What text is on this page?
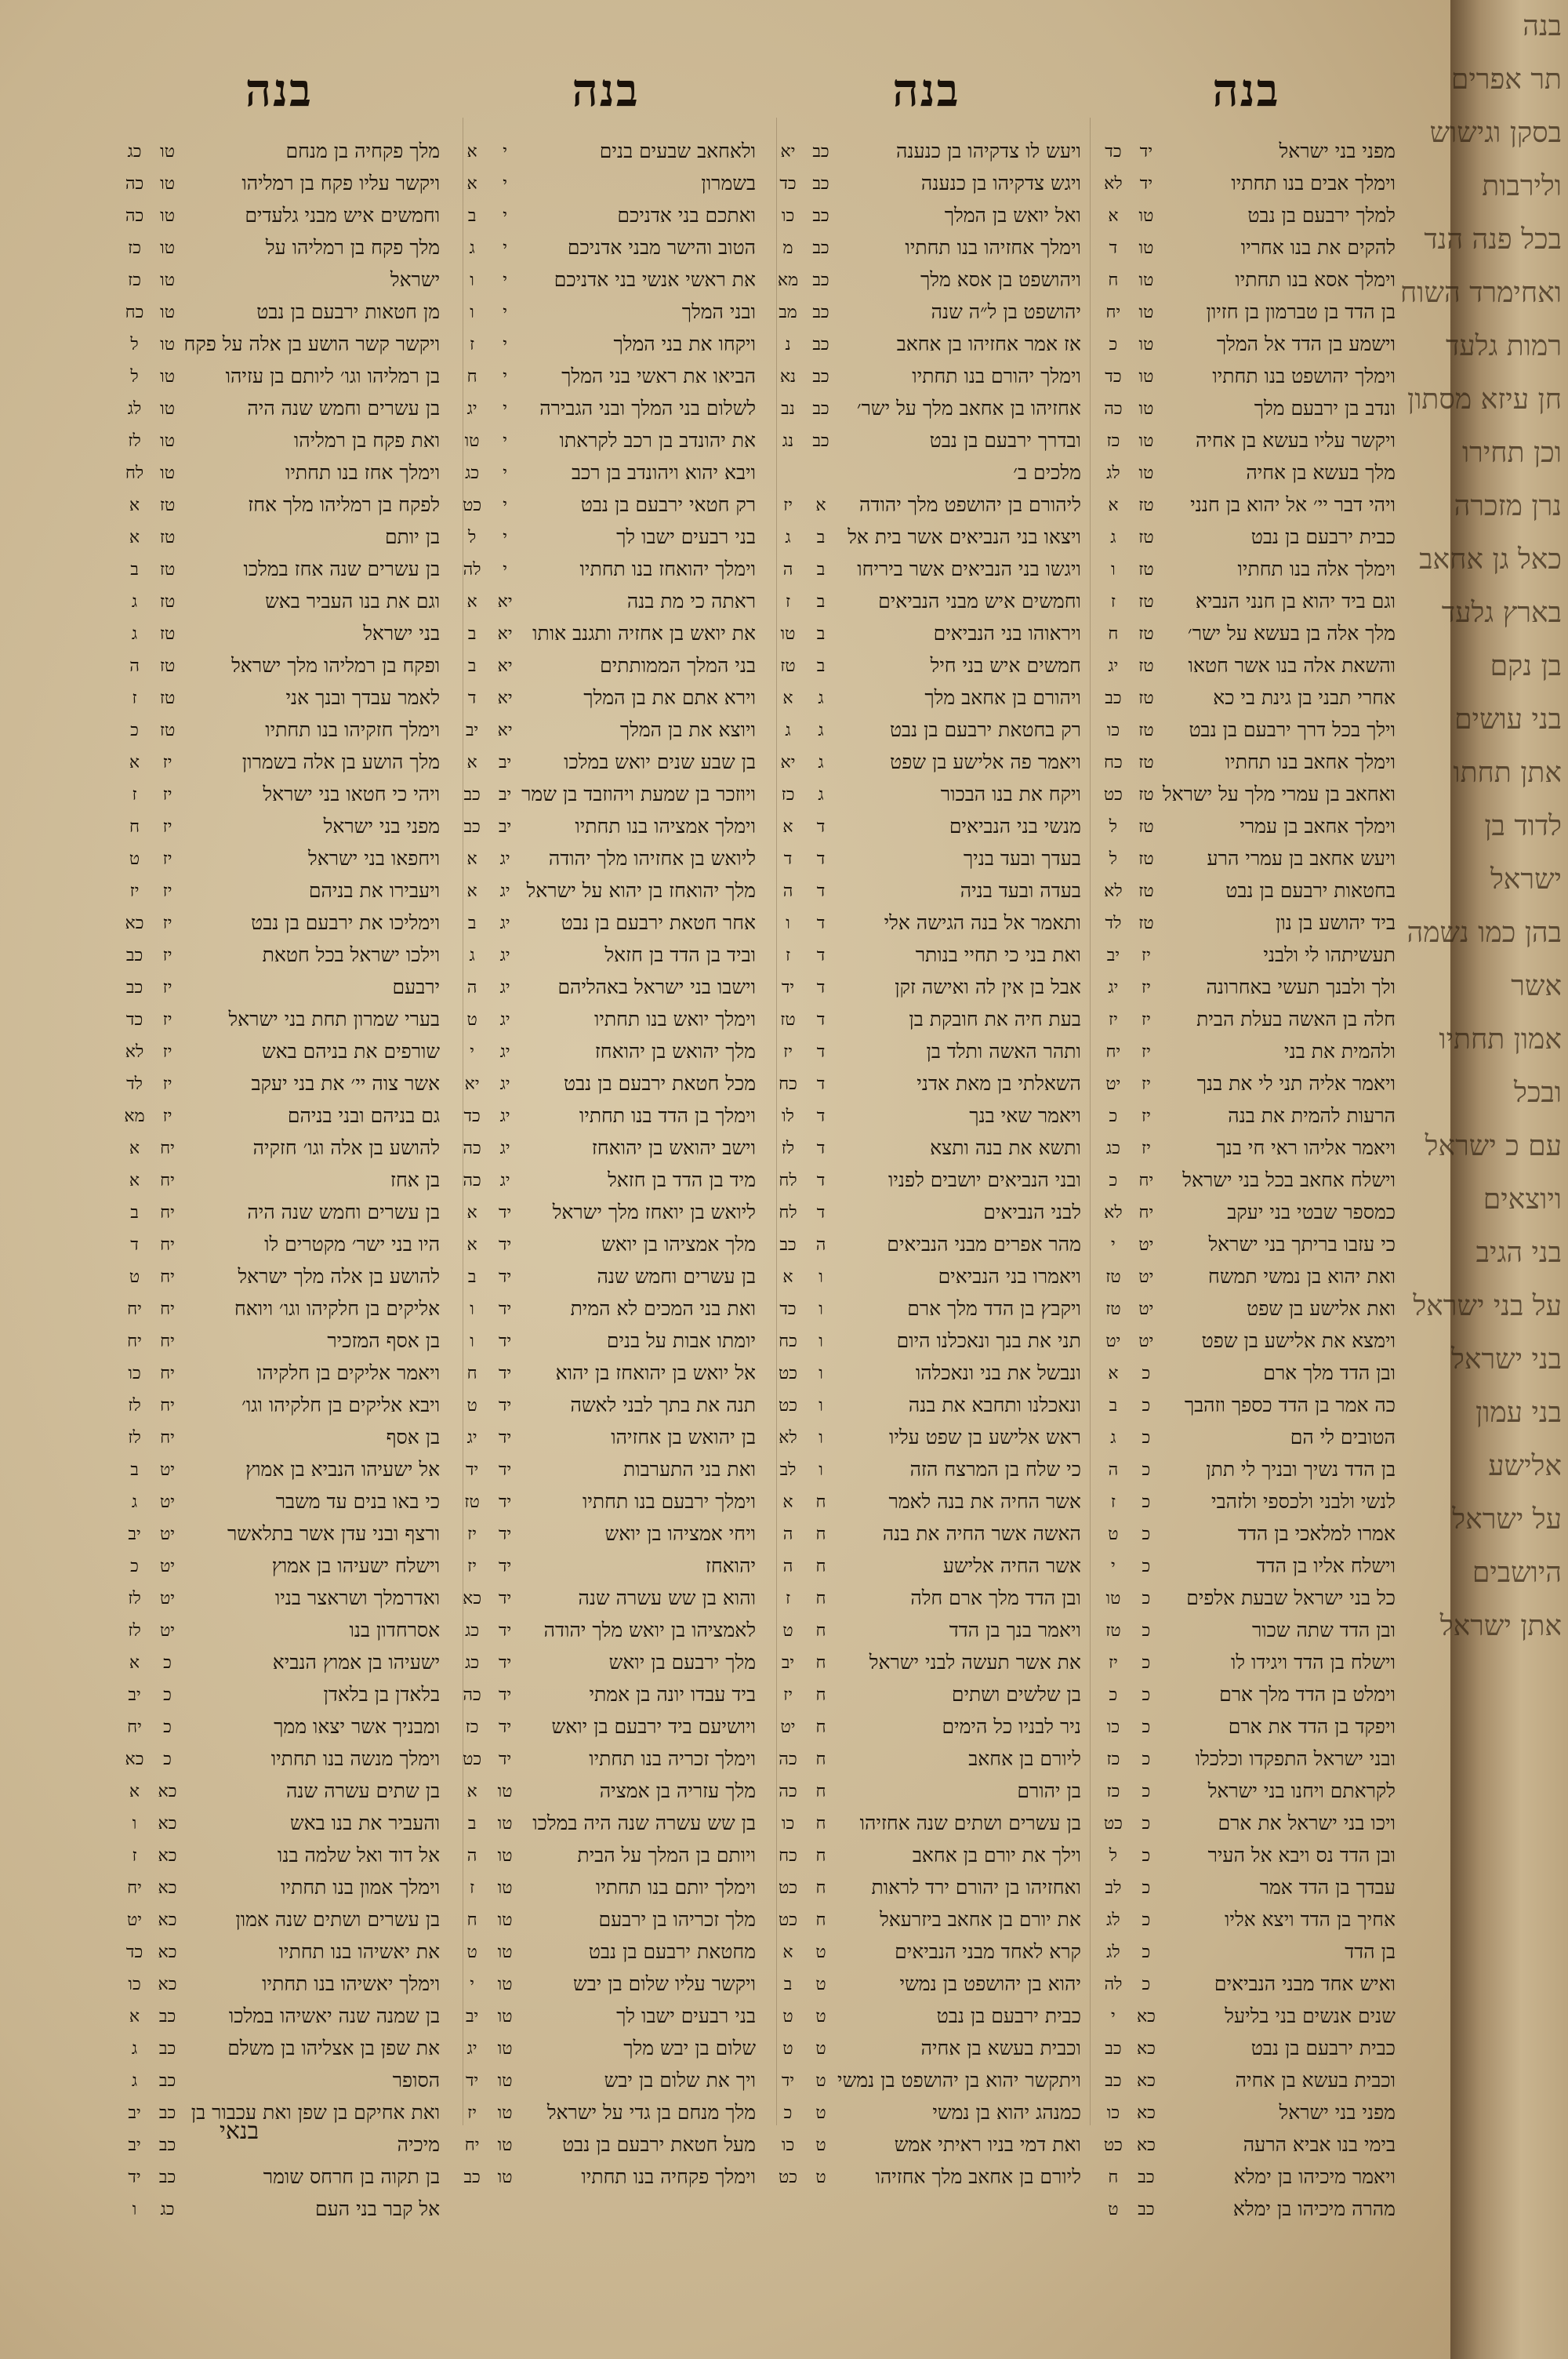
בנה
מפני בני ישראל
יד
כד
וימלך אבים בנו תחתיו
יד
לא
למלך ירבעם בן נבט
טו
א
להקים את בנו אחריו
טו
ד
וימלך אסא בנו תחתיו
טו
ח
בן הדד בן טברמון בן חזיון
טו
יח
וישמע בן הדד אל המלך
טו
כ
וימלך יהושפט בנו תחתיו
טו
כד
ונדב בן ירבעם מלך
טו
כה
ויקשר עליו בעשא בן אחיה
טו
כז
מלך בעשא בן אחיה
טו
לג
ויהי דבר יי׳ אל יהוא בן חנני
טז
א
כבית ירבעם בן נבט
טז
ג
וימלך אלה בנו תחתיו
טז
ו
וגם ביד יהוא בן חנני הנביא
טז
ז
מלך אלה בן בעשא על ישר׳
טז
ח
והשאת אלה בנו אשר חטאו
טז
יג
אחרי תבני בן גינת בי כא
טז
כב
וילך בכל דרך ירבעם בן נבט
טז
כו
וימלך אחאב בנו תחתיו
טז
כח
ואחאב בן עמרי מלך על ישראל
טז
כט
וימלך אחאב בן עמרי
טז
ל
ויעש אחאב בן עמרי הרע
טז
ל
בחטאות ירבעם בן נבט
טז
לא
ביד יהושע בן נון
טז
לד
תעשיתהו לי ולבני
יז
יב
ולך ולבנך תעשי באחרונה
יז
יג
חלה בן האשה בעלת הבית
יז
יז
ולהמית את בני
יז
יח
ויאמר אליה תני לי את בנך
יז
יט
הרעות להמית את בנה
יז
כ
ויאמר אליהו ראי חי בנך
יז
כג
וישלח אחאב בכל בני ישראל
יח
כ
כמספר שבטי בני יעקב
יח
לא
כי עזבו בריתך בני ישראל
יט
י
ואת יהוא בן נמשי תמשח
יט
טז
ואת אלישע בן שפט
יט
טז
וימצא את אלישע בן שפט
יט
יט
ובן הדד מלך ארם
כ
א
כה אמר בן הדד כספך וזהבך
כ
ב
הטובים לי הם
כ
ג
בן הדד נשיך ובניך לי תתן
כ
ה
לנשי ולבני ולכספי ולזהבי
כ
ז
אמרו למלאכי בן הדד
כ
ט
וישלח אליו בן הדד
כ
י
כל בני ישראל שבעת אלפים
כ
טו
ובן הדד שתה שכור
כ
טז
וישלח בן הדד ויגידו לו
כ
יז
וימלט בן הדד מלך ארם
כ
כ
ויפקד בן הדד את ארם
כ
כו
ובני ישראל התפקדו וכלכלו
כ
כז
לקראתם ויחנו בני ישראל
כ
כז
ויכו בני ישראל את ארם
כ
כט
ובן הדד נס ויבא אל העיר
כ
ל
עבדך בן הדד אמר
כ
לב
אחיך בן הדד ויצא אליו
כ
לג
בן הדד
כ
לג
ואיש אחד מבני הנביאים
כ
לה
שנים אנשים בני בליעל
כא
י
כבית ירבעם בן נבט
כא
כב
וכבית בעשא בן אחיה
כא
כב
מפני בני ישראל
כא
כו
בימי בנו אביא הרעה
כא
כט
ויאמר מיכיהו בן ימלא
כב
ח
מהרה מיכיהו בן ימלא
כב
ט
בנה
ויעש לו צדקיהו בן כנענה
כב
יא
ויגש צדקיהו בן כנענה
כב
כד
ואל יואש בן המלך
כב
כו
וימלך אחזיהו בנו תחתיו
כב
מ
ויהושפט בן אסא מלך
כב
מא
יהושפט בן ל״ה שנה
כב
מב
אז אמר אחזיהו בן אחאב
כב
נ
וימלך יהורם בנו תחתיו
כב
נא
אחזיהו בן אחאב מלך על ישר׳
כב
נב
ובדרך ירבעם בן נבט
כב
נג
מלכים ב׳
ליהורם בן יהושפט מלך יהודה
א
יז
ויצאו בני הנביאים אשר בית אל
ב
ג
ויגשו בני הנביאים אשר ביריחו
ב
ה
וחמשים איש מבני הנביאים
ב
ז
ויראוהו בני הנביאים
ב
טו
חמשים איש בני חיל
ב
טז
ויהורם בן אחאב מלך
ג
א
רק בחטאת ירבעם בן נבט
ג
ג
ויאמר פה אלישע בן שפט
ג
יא
ויקח את בנו הבכור
ג
כז
מנשי בני הנביאים
ד
א
בעדך ובעד בניך
ד
ד
בעדה ובעד בניה
ד
ה
ותאמר אל בנה הגישה אלי
ד
ו
ואת בני כי תחיי בנותר
ד
ז
אבל בן אין לה ואישה זקן
ד
יד
בעת חיה את חובקת בן
ד
טז
ותהר האשה ותלד בן
ד
יז
השאלתי בן מאת אדני
ד
כח
ויאמר שאי בנך
ד
לו
ותשא את בנה ותצא
ד
לז
ובני הנביאים יושבים לפניו
ד
לח
לבני הנביאים
ד
לח
מהר אפרים מבני הנביאים
ה
כב
ויאמרו בני הנביאים
ו
א
ויקבץ בן הדד מלך ארם
ו
כד
תני את בנך ונאכלנו היום
ו
כח
ונבשל את בני ונאכלהו
ו
כט
ונאכלנו ותחבא את בנה
ו
כט
ראש אלישע בן שפט עליו
ו
לא
כי שלח בן המרצח הזה
ו
לב
אשר החיה את בנה לאמר
ח
א
האשה אשר החיה את בנה
ח
ה
אשר החיה אלישע
ח
ה
ובן הדד מלך ארם חלה
ח
ז
ויאמר בנך בן הדד
ח
ט
את אשר תעשה לבני ישראל
ח
יב
בן שלשים ושתים
ח
יז
ניר לבניו כל הימים
ח
יט
ליורם בן אחאב
ח
כה
בן יהורם
ח
כה
בן עשרים ושתים שנה אחזיהו
ח
כו
וילך את יורם בן אחאב
ח
כח
ואחזיהו בן יהורם ירד לראות
ח
כט
את יורם בן אחאב ביזרעאל
ח
כט
קרא לאחד מבני הנביאים
ט
א
יהוא בן יהושפט בן נמשי
ט
ב
כבית ירבעם בן נבט
ט
ט
וכבית בעשא בן אחיה
ט
ט
ויתקשר יהוא בן יהושפט בן נמשי
ט
יד
כמנהג יהוא בן נמשי
ט
כ
ואת דמי בניו ראיתי אמש
ט
כו
ליורם בן אחאב מלך אחזיהו
ט
כט
בנה
ולאחאב שבעים בנים
י
א
בשמרון
י
א
ואתכם בני אדניכם
י
ב
הטוב והישר מבני אדניכם
י
ג
את ראשי אנשי בני אדניכם
י
ו
ובני המלך
י
ו
ויקחו את בני המלך
י
ז
הביאו את ראשי בני המלך
י
ח
לשלום בני המלך ובני הגבירה
י
יג
את יהונדב בן רכב לקראתו
י
טו
ויבא יהוא ויהונדב בן רכב
י
כג
רק חטאי ירבעם בן נבט
י
כט
בני רבעים ישבו לך
י
ל
וימלך יהואחז בנו תחתיו
י
לה
ראתה כי מת בנה
יא
א
את יואש בן אחזיה ותגנב אותו
יא
ב
בני המלך הממותתים
יא
ב
וירא אתם את בן המלך
יא
ד
ויוצא את בן המלך
יא
יב
בן שבע שנים יואש במלכו
יב
א
ויוזכר בן שמעת ויהוזבד בן שמר
יב
כב
וימלך אמציהו בנו תחתיו
יב
כב
ליואש בן אחזיהו מלך יהודה
יג
א
מלך יהואחז בן יהוא על ישראל
יג
א
אחר חטאת ירבעם בן נבט
יג
ב
וביד בן הדד בן חזאל
יג
ג
וישבו בני ישראל באהליהם
יג
ה
וימלך יואש בנו תחתיו
יג
ט
מלך יהואש בן יהואחז
יג
י
מכל חטאת ירבעם בן נבט
יג
יא
וימלך בן הדד בנו תחתיו
יג
כד
וישב יהואש בן יהואחז
יג
כה
מיד בן הדד בן חזאל
יג
כה
ליואש בן יואחז מלך ישראל
יד
א
מלך אמציהו בן יואש
יד
א
בן עשרים וחמש שנה
יד
ב
ואת בני המכים לא המית
יד
ו
יומתו אבות על בנים
יד
ו
אל יואש בן יהואחז בן יהוא
יד
ח
תנה את בתך לבני לאשה
יד
ט
בן יהואש בן אחזיהו
יד
יג
ואת בני התערבות
יד
יד
וימלך ירבעם בנו תחתיו
יד
טז
ויחי אמציהו בן יואש
יד
יז
יהואחז
יד
יז
והוא בן שש עשרה שנה
יד
כא
לאמציהו בן יואש מלך יהודה
יד
כג
מלך ירבעם בן יואש
יד
כג
ביד עבדו יונה בן אמתי
יד
כה
ויושיעם ביד ירבעם בן יואש
יד
כז
וימלך זכריה בנו תחתיו
יד
כט
מלך עזריה בן אמציה
טו
א
בן שש עשרה שנה היה במלכו
טו
ב
ויותם בן המלך על הבית
טו
ה
וימלך יותם בנו תחתיו
טו
ז
מלך זכריהו בן ירבעם
טו
ח
מחטאת ירבעם בן נבט
טו
ט
ויקשר עליו שלום בן יבש
טו
י
בני רבעים ישבו לך
טו
יב
שלום בן יבש מלך
טו
יג
ויך את שלום בן יבש
טו
יד
מלך מנחם בן גדי על ישראל
טו
יז
מעל חטאת ירבעם בן נבט
טו
יח
וימלך פקחיה בנו תחתיו
טו
כב
בנה
מלך פקחיה בן מנחם
טו
כג
ויקשר עליו פקח בן רמליהו
טו
כה
וחמשים איש מבני גלעדים
טו
כה
מלך פקח בן רמליהו על
טו
כז
ישראל
טו
כז
מן חטאות ירבעם בן נבט
טו
כח
ויקשר קשר הושע בן אלה על פקח
טו
ל
בן רמליהו וגו׳ ליותם בן עזיהו
טו
ל
בן עשרים וחמש שנה היה
טו
לג
ואת פקח בן רמליהו
טו
לז
וימלך אחז בנו תחתיו
טו
לח
לפקח בן רמליהו מלך אחז
טז
א
בן יותם
טז
א
בן עשרים שנה אחז במלכו
טז
ב
וגם את בנו העביר באש
טז
ג
בני ישראל
טז
ג
ופקח בן רמליהו מלך ישראל
טז
ה
לאמר עבדך ובנך אני
טז
ז
וימלך חזקיהו בנו תחתיו
טז
כ
מלך הושע בן אלה בשמרון
יז
א
ויהי כי חטאו בני ישראל
יז
ז
מפני בני ישראל
יז
ח
ויחפאו בני ישראל
יז
ט
ויעבירו את בניהם
יז
יז
וימליכו את ירבעם בן נבט
יז
כא
וילכו ישראל בכל חטאת
יז
כב
ירבעם
יז
כב
בערי שמרון תחת בני ישראל
יז
כד
שורפים את בניהם באש
יז
לא
אשר צוה יי׳ את בני יעקב
יז
לד
גם בניהם ובני בניהם
יז
מא
להושע בן אלה וגו׳ חזקיה
יח
א
בן אחז
יח
א
בן עשרים וחמש שנה היה
יח
ב
היו בני ישר׳ מקטרים לו
יח
ד
להושע בן אלה מלך ישראל
יח
ט
אליקים בן חלקיהו וגו׳ ויואח
יח
יח
בן אסף המזכיר
יח
יח
ויאמר אליקים בן חלקיהו
יח
כו
ויבא אליקים בן חלקיהו וגו׳
יח
לז
בן אסף
יח
לז
אל ישעיהו הנביא בן אמוץ
יט
ב
כי באו בנים עד משבר
יט
ג
ורצף ובני עדן אשר בתלאשר
יט
יב
וישלח ישעיהו בן אמוץ
יט
כ
ואדרמלך ושראצר בניו
יט
לז
אסרחדון בנו
יט
לז
ישעיהו בן אמוץ הנביא
כ
א
בלאדן בן בלאדן
כ
יב
ומבניך אשר יצאו ממך
כ
יח
וימלך מנשה בנו תחתיו
כ
כא
בן שתים עשרה שנה
כא
א
והעביר את בנו באש
כא
ו
אל דוד ואל שלמה בנו
כא
ז
וימלך אמון בנו תחתיו
כא
יח
בן עשרים ושתים שנה אמון
כא
יט
את יאשיהו בנו תחתיו
כא
כד
וימלך יאשיהו בנו תחתיו
כא
כו
בן שמנה שנה יאשיהו במלכו
כב
א
את שפן בן אצליהו בן משלם
כב
ג
הסופר
כב
ג
ואת אחיקם בן שפן ואת עכבור בן
כב
יב
מיכיה
כב
יב
בן תקוה בן חרחס שומר
כב
יד
אל קבר בני העם
כג
ו
בנאי
בנה
תר אפרים
בסקן וגישוש
ולירבות
בכל פנה הנד
ואחימרד השוח
רמות גלעד
חן עיזא מסתון
וכן תחירו
נרן מזכרה
כאל גן אחאב
בארץ גלעד
בן נקם
בני עושים
אתן תחתו
לדוד בן
ישראל
בהן כמו נשמה
אשר
אמון תחתיו
ובכל
עם כ ישראל
ויוצאים
בני הגיב
על בני ישראל
בני ישראל
בני עמון
אלישע
על ישראל
היושבים
אתן ישראל
